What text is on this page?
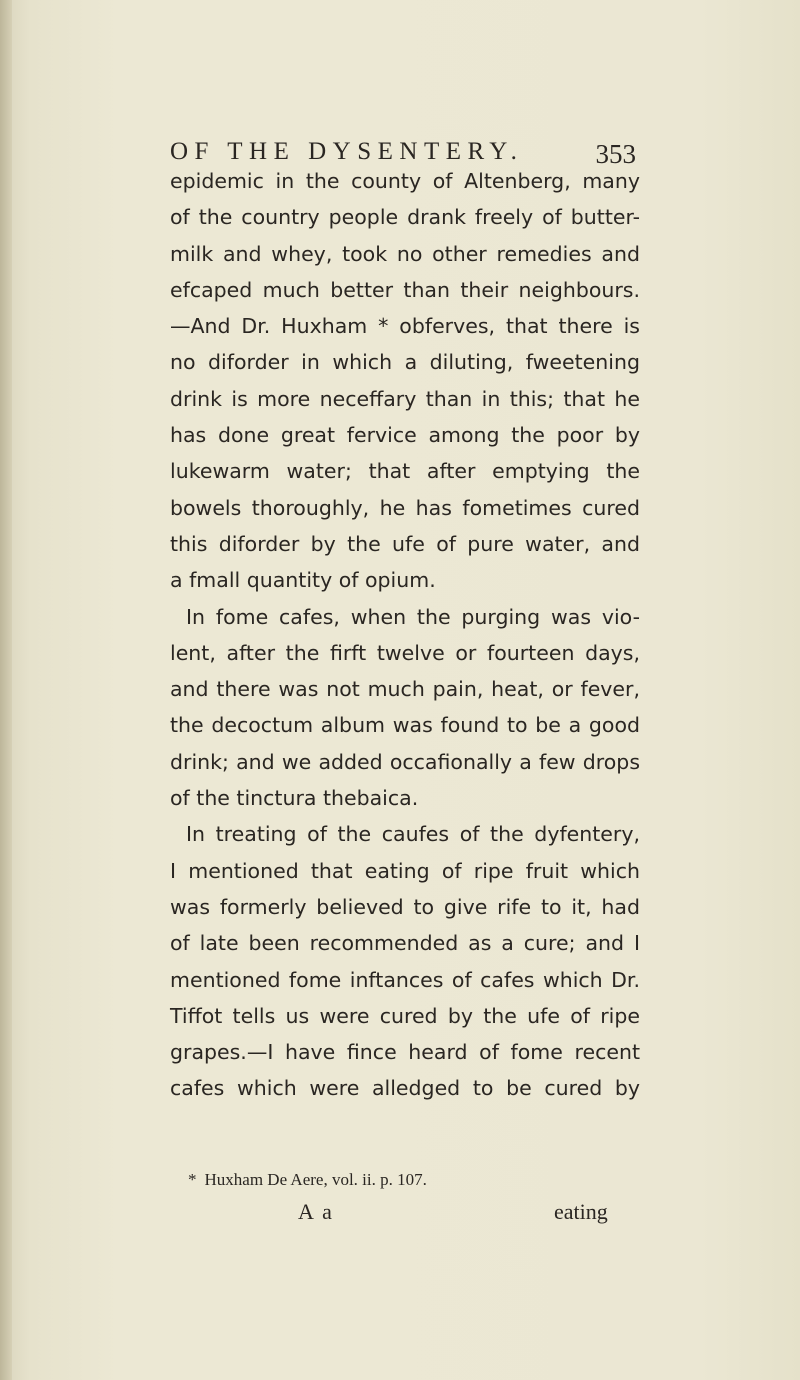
OF THE DYSENTERY.	353
epidemic in the county of Altenberg, many
of the country people drank freely of butter-
milk and whey, took no other remedies and
efcaped much better than their neighbours.
—And Dr. Huxham * obferves, that there is
no diforder in which a diluting, fweetening
drink is more neceffary than in this; that he
has done great fervice among the poor by
lukewarm water; that after emptying the
bowels thoroughly, he has fometimes cured
this diforder by the ufe of pure water, and
a fmall quantity of opium.
In fome cafes, when the purging was vio-
lent, after the firft twelve or fourteen days,
and there was not much pain, heat, or fever,
the decoctum album was found to be a good
drink; and we added occafionally a few drops
of the tinctura thebaica.
In treating of the caufes of the dyfentery,
I mentioned that eating of ripe fruit which
was formerly believed to give rife to it, had
of late been recommended as a cure; and I
mentioned fome inftances of cafes which Dr.
Tiffot tells us were cured by the ufe of ripe
grapes.—I have fince heard of fome recent
cafes which were alledged to be cured by
* Huxham De Aere, vol. ii. p. 107.
A a	eating
